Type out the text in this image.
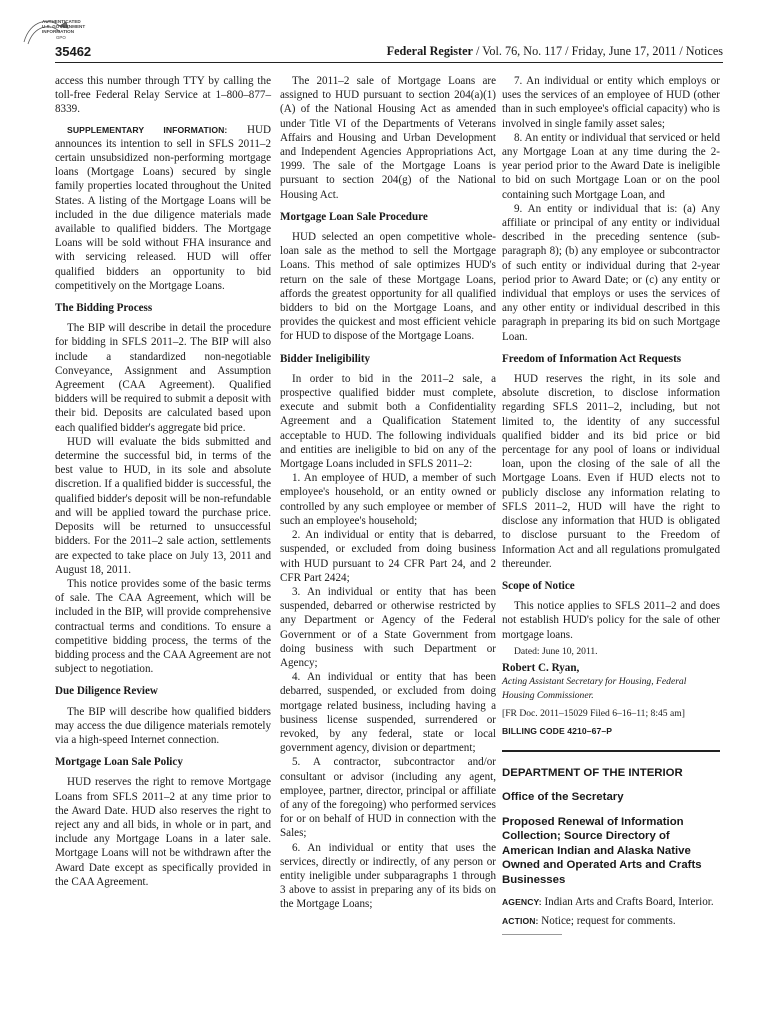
AUTHENTICATED
U.S. GOVERNMENT
INFORMATION
GPO
35462	Federal Register / Vol. 76, No. 117 / Friday, June 17, 2011 / Notices

access this number through TTY by calling the toll-free Federal Relay Service at 1–800–877–8339.

SUPPLEMENTARY INFORMATION: HUD announces its intention to sell in SFLS 2011–2 certain unsubsidized non-performing mortgage loans (Mortgage Loans) secured by single family properties located throughout the United States. A listing of the Mortgage Loans will be included in the due diligence materials made available to qualified bidders. The Mortgage Loans will be sold without FHA insurance and with servicing released. HUD will offer qualified bidders an opportunity to bid competitively on the Mortgage Loans.

The Bidding Process

The BIP will describe in detail the procedure for bidding in SFLS 2011–2. The BIP will also include a standardized non-negotiable Conveyance, Assignment and Assumption Agreement (CAA Agreement). Qualified bidders will be required to submit a deposit with their bid. Deposits are calculated based upon each qualified bidder's aggregate bid price.

HUD will evaluate the bids submitted and determine the successful bid, in terms of the best value to HUD, in its sole and absolute discretion. If a qualified bidder is successful, the qualified bidder's deposit will be non-refundable and will be applied toward the purchase price. Deposits will be returned to unsuccessful bidders. For the 2011–2 sale action, settlements are expected to take place on July 13, 2011 and August 18, 2011.

This notice provides some of the basic terms of sale. The CAA Agreement, which will be included in the BIP, will provide comprehensive contractual terms and conditions. To ensure a competitive bidding process, the terms of the bidding process and the CAA Agreement are not subject to negotiation.

Due Diligence Review

The BIP will describe how qualified bidders may access the due diligence materials remotely via a high-speed Internet connection.

Mortgage Loan Sale Policy

HUD reserves the right to remove Mortgage Loans from SFLS 2011–2 at any time prior to the Award Date. HUD also reserves the right to reject any and all bids, in whole or in part, and include any Mortgage Loans in a later sale. Mortgage Loans will not be withdrawn after the Award Date except as specifically provided in the CAA Agreement.

The 2011–2 sale of Mortgage Loans are assigned to HUD pursuant to section 204(a)(1)(A) of the National Housing Act as amended under Title VI of the Departments of Veterans Affairs and Housing and Urban Development and Independent Agencies Appropriations Act, 1999. The sale of the Mortgage Loans is pursuant to section 204(g) of the National Housing Act.

Mortgage Loan Sale Procedure

HUD selected an open competitive whole-loan sale as the method to sell the Mortgage Loans. This method of sale optimizes HUD's return on the sale of these Mortgage Loans, affords the greatest opportunity for all qualified bidders to bid on the Mortgage Loans, and provides the quickest and most efficient vehicle for HUD to dispose of the Mortgage Loans.

Bidder Ineligibility

In order to bid in the 2011–2 sale, a prospective qualified bidder must complete, execute and submit both a Confidentiality Agreement and a Qualification Statement acceptable to HUD. The following individuals and entities are ineligible to bid on any of the Mortgage Loans included in SFLS 2011–2:

1. An employee of HUD, a member of such employee's household, or an entity owned or controlled by any such employee or member of such an employee's household;

2. An individual or entity that is debarred, suspended, or excluded from doing business with HUD pursuant to 24 CFR Part 24, and 2 CFR Part 2424;

3. An individual or entity that has been suspended, debarred or otherwise restricted by any Department or Agency of the Federal Government or of a State Government from doing business with such Department or Agency;

4. An individual or entity that has been debarred, suspended, or excluded from doing mortgage related business, including having a business license suspended, surrendered or revoked, by any federal, state or local government agency, division or department;

5. A contractor, subcontractor and/or consultant or advisor (including any agent, employee, partner, director, principal or affiliate of any of the foregoing) who performed services for or on behalf of HUD in connection with the Sales;

6. An individual or entity that uses the services, directly or indirectly, of any person or entity ineligible under subparagraphs 1 through 3 above to assist in preparing any of its bids on the Mortgage Loans;

7. An individual or entity which employs or uses the services of an employee of HUD (other than in such employee's official capacity) who is involved in single family asset sales;

8. An entity or individual that serviced or held any Mortgage Loan at any time during the 2-year period prior to the Award Date is ineligible to bid on such Mortgage Loan or on the pool containing such Mortgage Loan, and

9. An entity or individual that is: (a) Any affiliate or principal of any entity or individual described in the preceding sentence (sub-paragraph 8); (b) any employee or subcontractor of such entity or individual during that 2-year period prior to Award Date; or (c) any entity or individual that employs or uses the services of any other entity or individual described in this paragraph in preparing its bid on such Mortgage Loan.

Freedom of Information Act Requests

HUD reserves the right, in its sole and absolute discretion, to disclose information regarding SFLS 2011–2, including, but not limited to, the identity of any successful qualified bidder and its bid price or bid percentage for any pool of loans or individual loan, upon the closing of the sale of all the Mortgage Loans. Even if HUD elects not to publicly disclose any information relating to SFLS 2011–2, HUD will have the right to disclose any information that HUD is obligated to disclose pursuant to the Freedom of Information Act and all regulations promulgated thereunder.

Scope of Notice

This notice applies to SFLS 2011–2 and does not establish HUD's policy for the sale of other mortgage loans.

Dated: June 10, 2011.

Robert C. Ryan,

Acting Assistant Secretary for Housing, Federal Housing Commissioner.

[FR Doc. 2011–15029 Filed 6–16–11; 8:45 am]

BILLING CODE 4210–67–P

DEPARTMENT OF THE INTERIOR

Office of the Secretary

Proposed Renewal of Information Collection; Source Directory of American Indian and Alaska Native Owned and Operated Arts and Crafts Businesses

AGENCY: Indian Arts and Crafts Board, Interior.

ACTION: Notice; request for comments.
